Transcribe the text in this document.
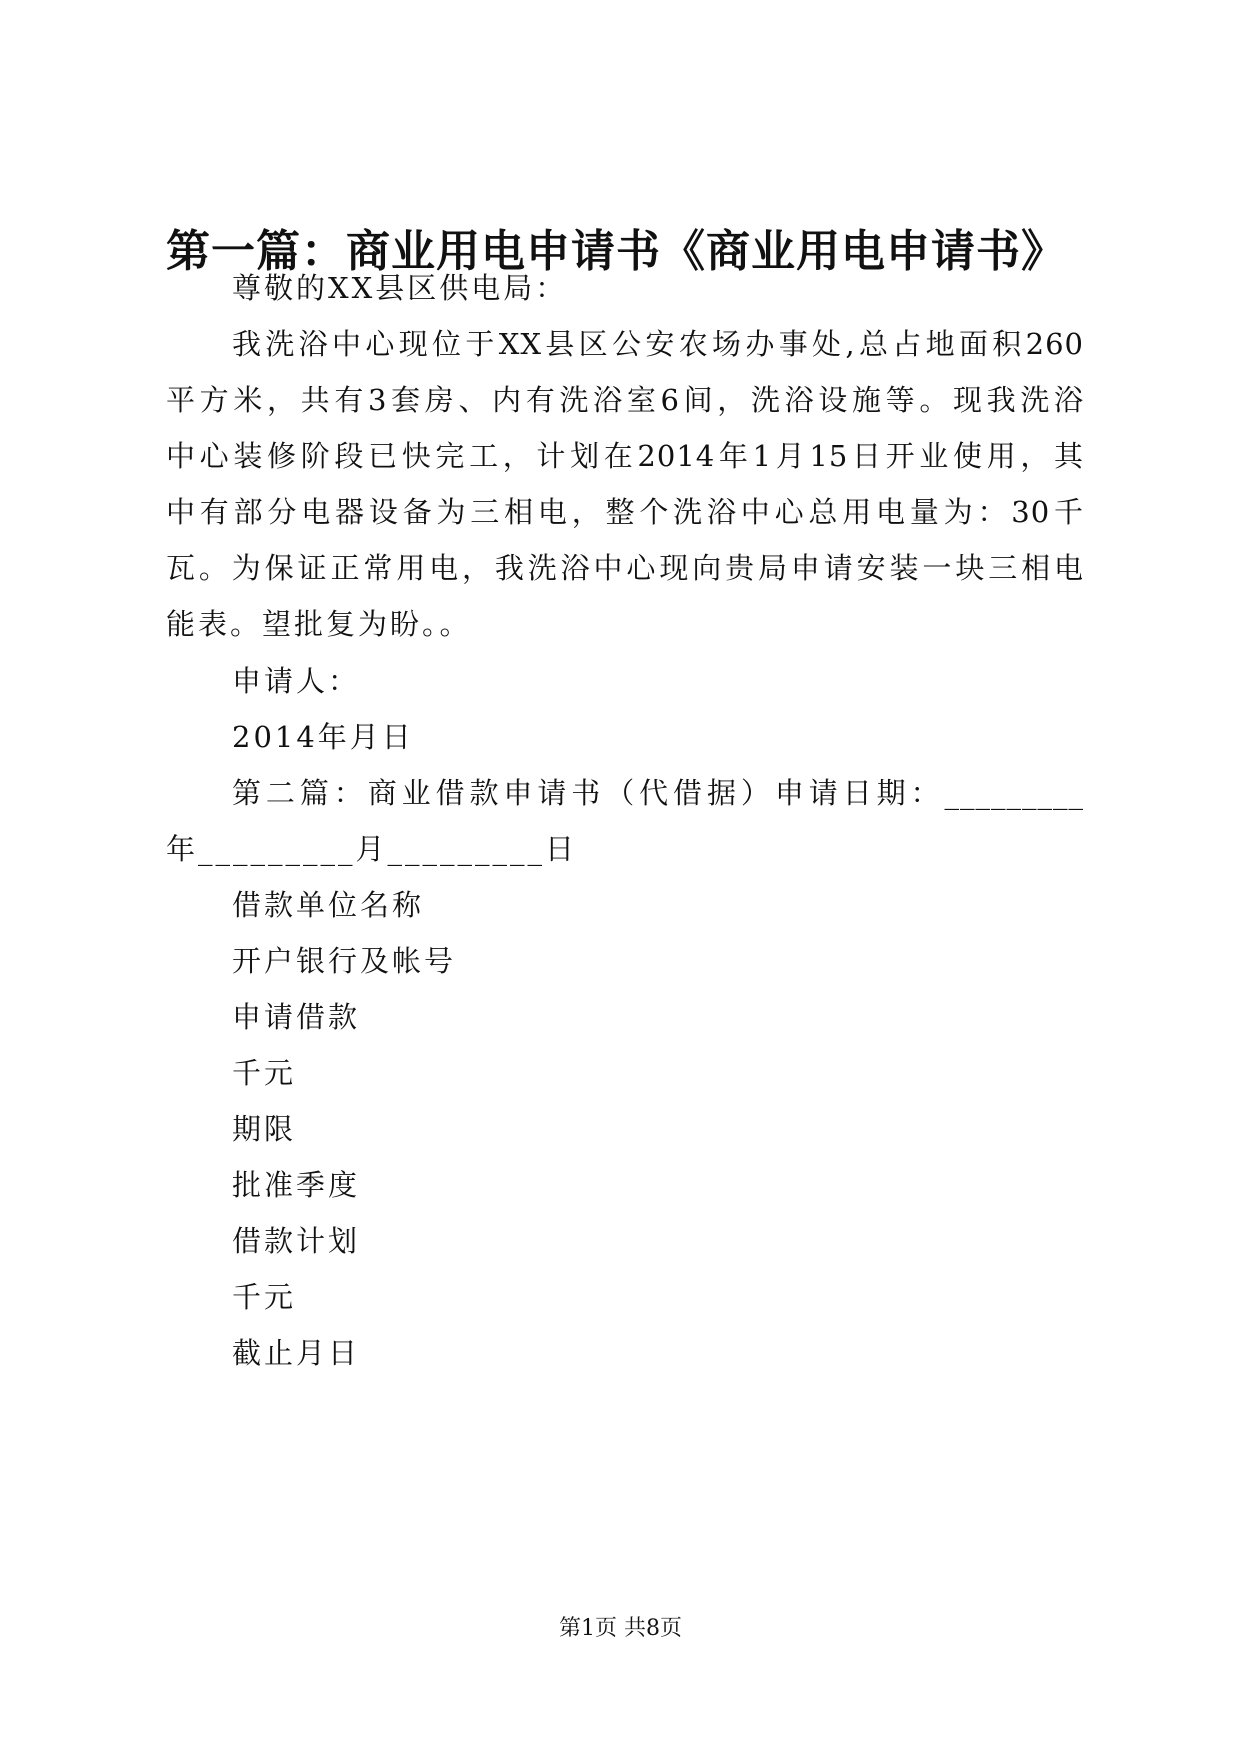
第一篇：商业用电申请书《商业用电申请书》

尊敬的XX县区供电局：

我洗浴中心现位于XX县区公安农场办事处,总占地面积260

平方米，共有3套房、内有洗浴室6间，洗浴设施等。现我洗浴

中心装修阶段已快完工，计划在2014年1月15日开业使用，其

中有部分电器设备为三相电，整个洗浴中心总用电量为：30千

瓦。为保证正常用电，我洗浴中心现向贵局申请安装一块三相电

能表。望批复为盼。。

申请人：

2014年月日

第二篇：商业借款申请书（代借据）申请日期：_________

年_________月_________日

借款单位名称

开户银行及帐号

申请借款

千元

期限

批准季度

借款计划

千元

截止月日

第1页 共8页
